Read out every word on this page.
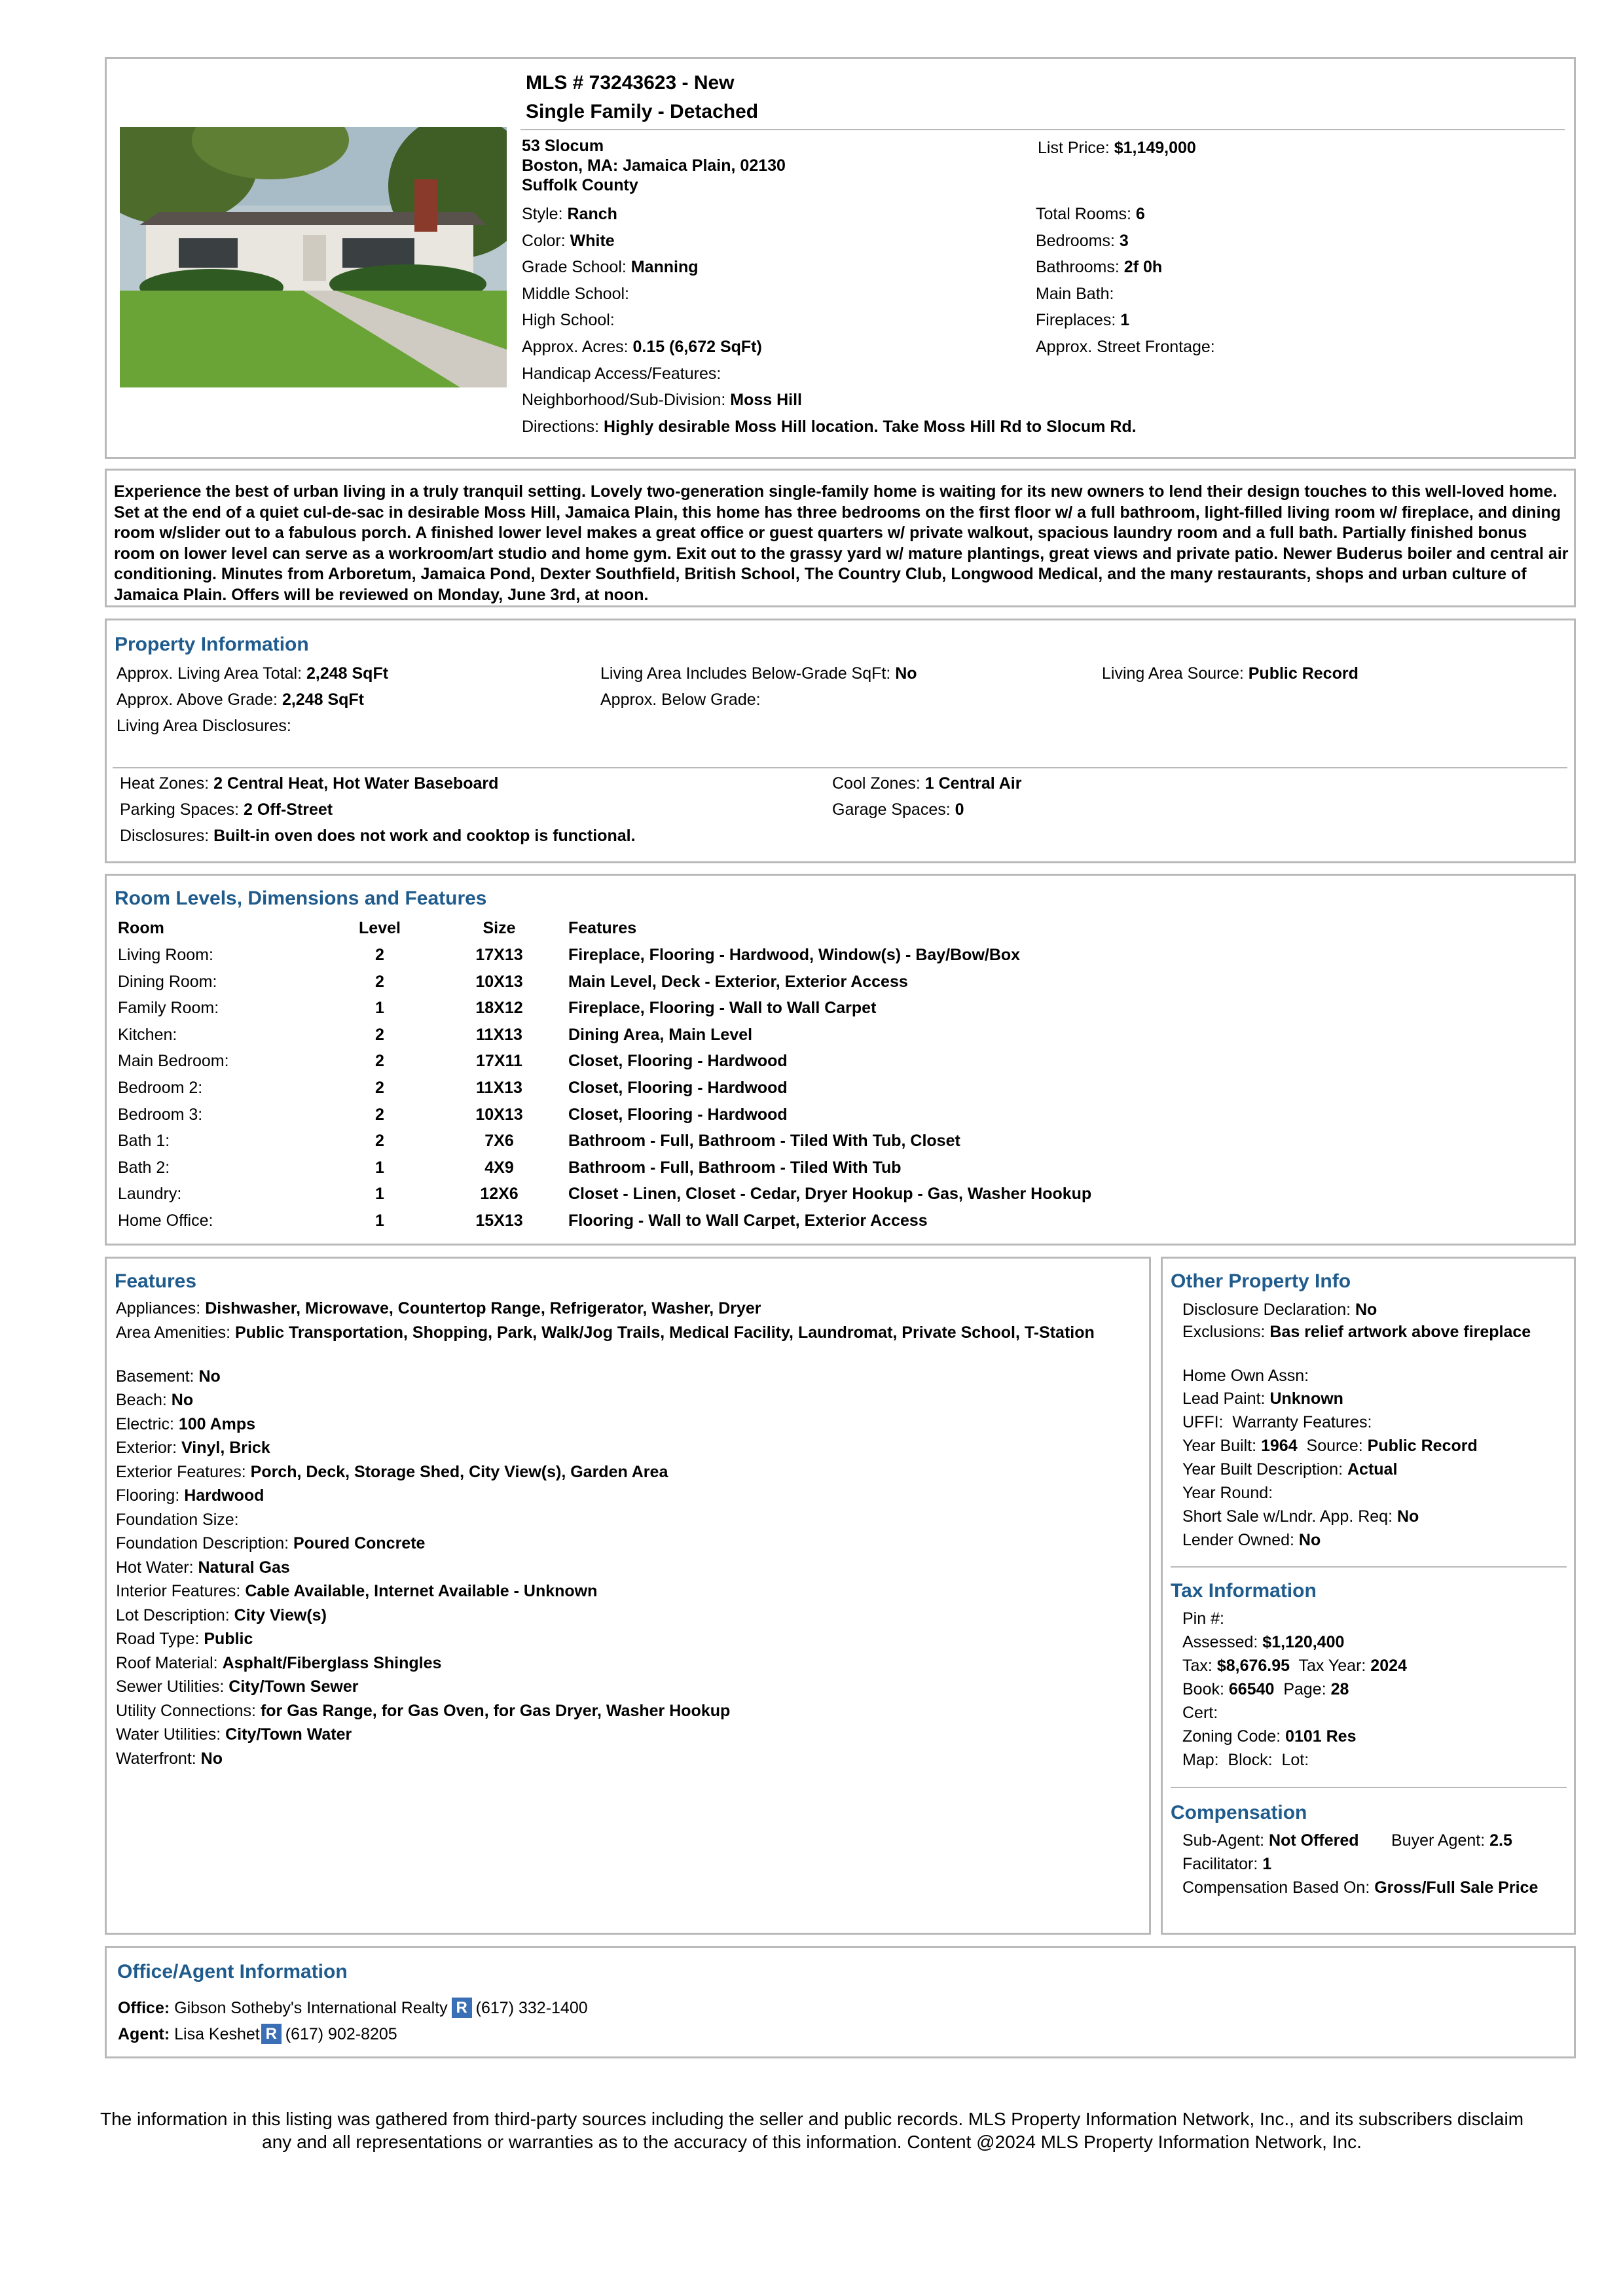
MLS # 73243623 - New
Single Family - Detached
53 Slocum
Boston, MA: Jamaica Plain, 02130
Suffolk County
List Price: $1,149,000
Style: Ranch
Color: White
Grade School: Manning
Middle School:
High School:
Approx. Acres: 0.15 (6,672 SqFt)
Handicap Access/Features:
Neighborhood/Sub-Division: Moss Hill
Directions: Highly desirable Moss Hill location. Take Moss Hill Rd to Slocum Rd.
Total Rooms: 6
Bedrooms: 3
Bathrooms: 2f 0h
Main Bath:
Fireplaces: 1
Approx. Street Frontage:
Experience the best of urban living in a truly tranquil setting. Lovely two-generation single-family home is waiting for its new owners to lend their design touches to this well-loved home. Set at the end of a quiet cul-de-sac in desirable Moss Hill, Jamaica Plain, this home has three bedrooms on the first floor w/ a full bathroom, light-filled living room w/ fireplace, and dining room w/slider out to a fabulous porch. A finished lower level makes a great office or guest quarters w/ private walkout, spacious laundry room and a full bath. Partially finished bonus room on lower level can serve as a workroom/art studio and home gym. Exit out to the grassy yard w/ mature plantings, great views and private patio. Newer Buderus boiler and central air conditioning. Minutes from Arboretum, Jamaica Pond, Dexter Southfield, British School, The Country Club, Longwood Medical, and the many restaurants, shops and urban culture of Jamaica Plain. Offers will be reviewed on Monday, June 3rd, at noon.
Property Information
Approx. Living Area Total: 2,248 SqFt	Living Area Includes Below-Grade SqFt: No	Living Area Source: Public Record
Approx. Above Grade: 2,248 SqFt	Approx. Below Grade:
Living Area Disclosures:
Heat Zones: 2 Central Heat, Hot Water Baseboard	Cool Zones: 1 Central Air
Parking Spaces: 2 Off-Street	Garage Spaces: 0
Disclosures: Built-in oven does not work and cooktop is functional.
Room Levels, Dimensions and Features
Room	Level	Size	Features
Living Room:	2	17X13	Fireplace, Flooring - Hardwood, Window(s) - Bay/Bow/Box
Dining Room:	2	10X13	Main Level, Deck - Exterior, Exterior Access
Family Room:	1	18X12	Fireplace, Flooring - Wall to Wall Carpet
Kitchen:	2	11X13	Dining Area, Main Level
Main Bedroom:	2	17X11	Closet, Flooring - Hardwood
Bedroom 2:	2	11X13	Closet, Flooring - Hardwood
Bedroom 3:	2	10X13	Closet, Flooring - Hardwood
Bath 1:	2	7X6	Bathroom - Full, Bathroom - Tiled With Tub, Closet
Bath 2:	1	4X9	Bathroom - Full, Bathroom - Tiled With Tub
Laundry:	1	12X6	Closet - Linen, Closet - Cedar, Dryer Hookup - Gas, Washer Hookup
Home Office:	1	15X13	Flooring - Wall to Wall Carpet, Exterior Access
Features
Appliances: Dishwasher, Microwave, Countertop Range, Refrigerator, Washer, Dryer
Area Amenities: Public Transportation, Shopping, Park, Walk/Jog Trails, Medical Facility, Laundromat, Private School, T-Station
Basement: No
Beach: No
Electric: 100 Amps
Exterior: Vinyl, Brick
Exterior Features: Porch, Deck, Storage Shed, City View(s), Garden Area
Flooring: Hardwood
Foundation Size:
Foundation Description: Poured Concrete
Hot Water: Natural Gas
Interior Features: Cable Available, Internet Available - Unknown
Lot Description: City View(s)
Road Type: Public
Roof Material: Asphalt/Fiberglass Shingles
Sewer Utilities: City/Town Sewer
Utility Connections: for Gas Range, for Gas Oven, for Gas Dryer, Washer Hookup
Water Utilities: City/Town Water
Waterfront: No
Other Property Info
Disclosure Declaration: No
Exclusions: Bas relief artwork above fireplace
Home Own Assn:
Lead Paint: Unknown
UFFI: Warranty Features:
Year Built: 1964 Source: Public Record
Year Built Description: Actual
Year Round:
Short Sale w/Lndr. App. Req: No
Lender Owned: No
Tax Information
Pin #:
Assessed: $1,120,400
Tax: $8,676.95 Tax Year: 2024
Book: 66540 Page: 28
Cert:
Zoning Code: 0101 Res
Map: Block: Lot:
Compensation
Sub-Agent: Not Offered	Buyer Agent: 2.5
Facilitator: 1
Compensation Based On: Gross/Full Sale Price
Office/Agent Information
Office:
Gibson Sotheby's International Realty R (617) 332-1400
Agent:
Lisa Keshet R (617) 902-8205
The information in this listing was gathered from third-party sources including the seller and public records. MLS Property Information Network, Inc., and its subscribers disclaim any and all representations or warranties as to the accuracy of this information. Content @2024 MLS Property Information Network, Inc.
